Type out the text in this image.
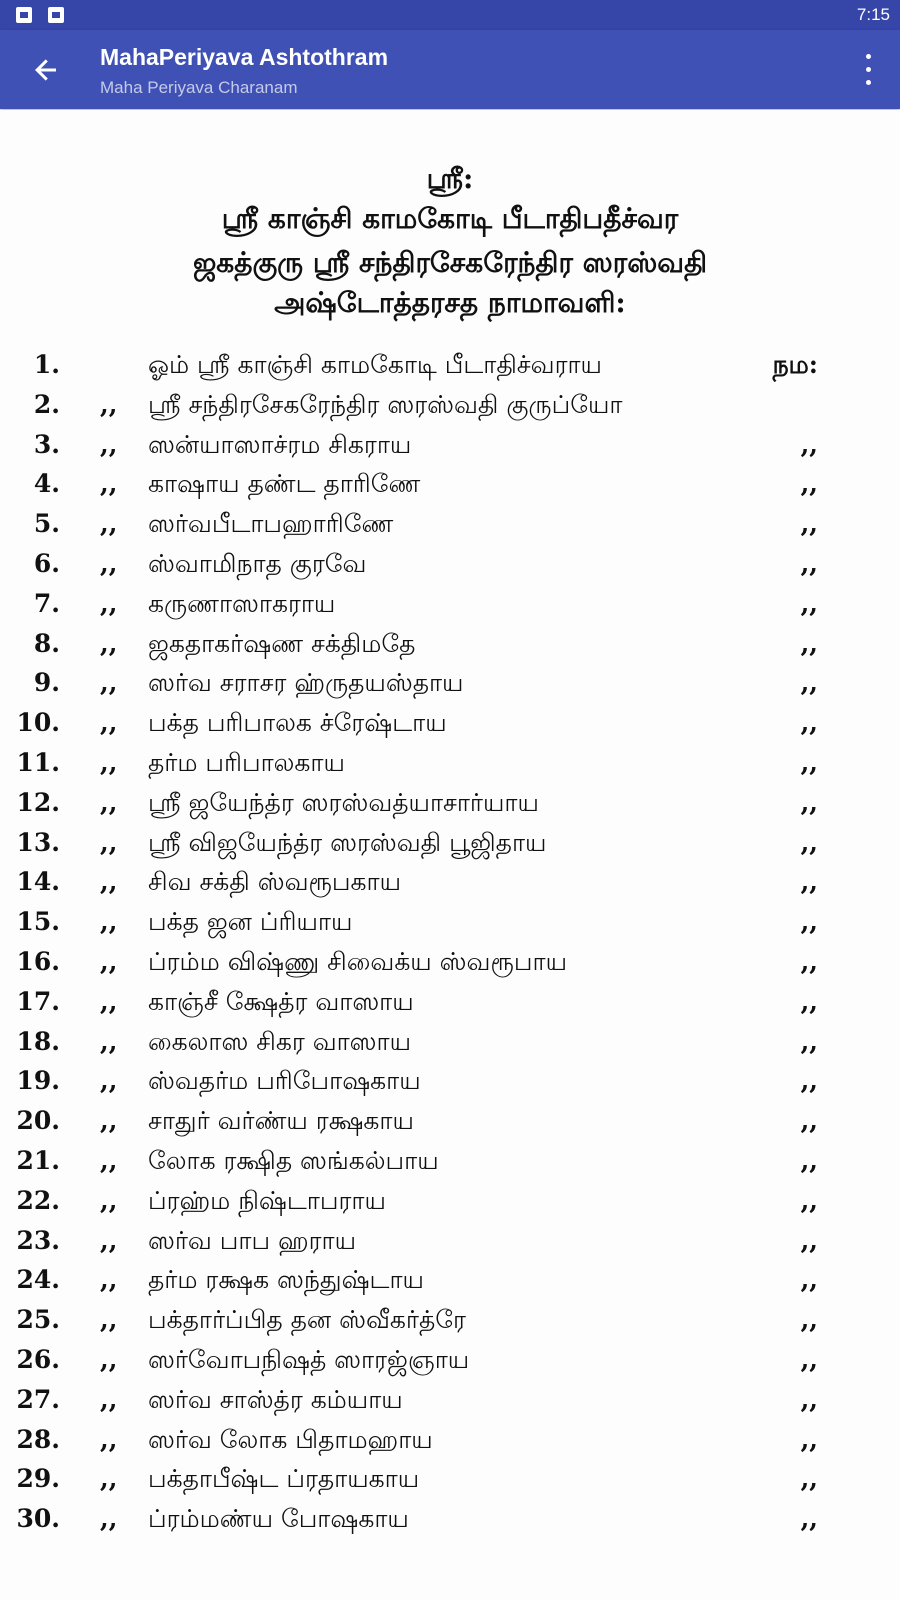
7:15
MahaPeriyava Ashtothram
Maha Periyava Charanam
ஸ்ரீ:
ஸ்ரீ காஞ்சி காமகோடி பீடாதிபதீச்வர
ஜகத்குரு ஸ்ரீ சந்திரசேகரேந்திர ஸரஸ்வதி
அஷ்டோத்தரசத நாமாவளி:
1.	ஓம் ஸ்ரீ காஞ்சி காமகோடி பீடாதிச்வராய	நம:
2. ,, ஸ்ரீ சந்திரசேகரேந்திர ஸரஸ்வதி குருப்யோ
3. ,, ஸன்யாஸாச்ரம சிகராய	,,
4. ,, காஷாய தண்ட தாரிணே	,,
5. ,, ஸர்வபீடாபஹாரிணே	,,
6. ,, ஸ்வாமிநாத குரவே	,,
7. ,, கருணாஸாகராய	,,
8. ,, ஜகதாகர்ஷண சக்திமதே	,,
9. ,, ஸர்வ சராசர ஹ்ருதயஸ்தாய	,,
10. ,, பக்த பரிபாலக ச்ரேஷ்டாய	,,
11. ,, தர்ம பரிபாலகாய	,,
12. ,, ஸ்ரீ ஜயேந்த்ர ஸரஸ்வத்யாசார்யாய	,,
13. ,, ஸ்ரீ விஜயேந்த்ர ஸரஸ்வதி பூஜிதாய	,,
14. ,, சிவ சக்தி ஸ்வரூபகாய	,,
15. ,, பக்த ஜன ப்ரியாய	,,
16. ,, ப்ரம்ம விஷ்ணு சிவைக்ய ஸ்வரூபாய	,,
17. ,, காஞ்சீ க்ஷேத்ர வாஸாய	,,
18. ,, கைலாஸ சிகர வாஸாய	,,
19. ,, ஸ்வதர்ம பரிபோஷகாய	,,
20. ,, சாதுர் வர்ண்ய ரக்ஷகாய	,,
21. ,, லோக ரக்ஷித ஸங்கல்பாய	,,
22. ,, ப்ரஹ்ம நிஷ்டாபராய	,,
23. ,, ஸர்வ பாப ஹராய	,,
24. ,, தர்ம ரக்ஷக ஸந்துஷ்டாய	,,
25. ,, பக்தார்ப்பித தன ஸ்வீகர்த்ரே	,,
26. ,, ஸர்வோபநிஷத் ஸாரஜ்ஞாய	,,
27. ,, ஸர்வ சாஸ்த்ர கம்யாய	,,
28. ,, ஸர்வ லோக பிதாமஹாய	,,
29. ,, பக்தாபீஷ்ட ப்ரதாயகாய	,,
30. ,, ப்ரம்மண்ய போஷகாய	,,
